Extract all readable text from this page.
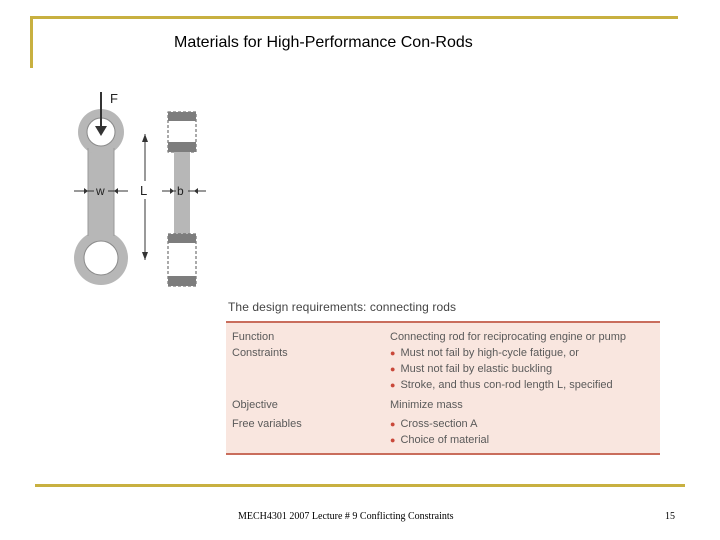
Materials for High-Performance Con-Rods
F
w	L b
The design requirements: connecting rods
Function	Connecting rod for reciprocating engine or pump
Constraints	● Must not fail by high-cycle fatigue, or
● Must not fail by elastic buckling
● Stroke, and thus con-rod length L, specified
Objective	Minimize mass
Free variables	● Cross-section A
● Choice of material
MECH4301 2007 Lecture # 9 Conflicting Constraints	15
